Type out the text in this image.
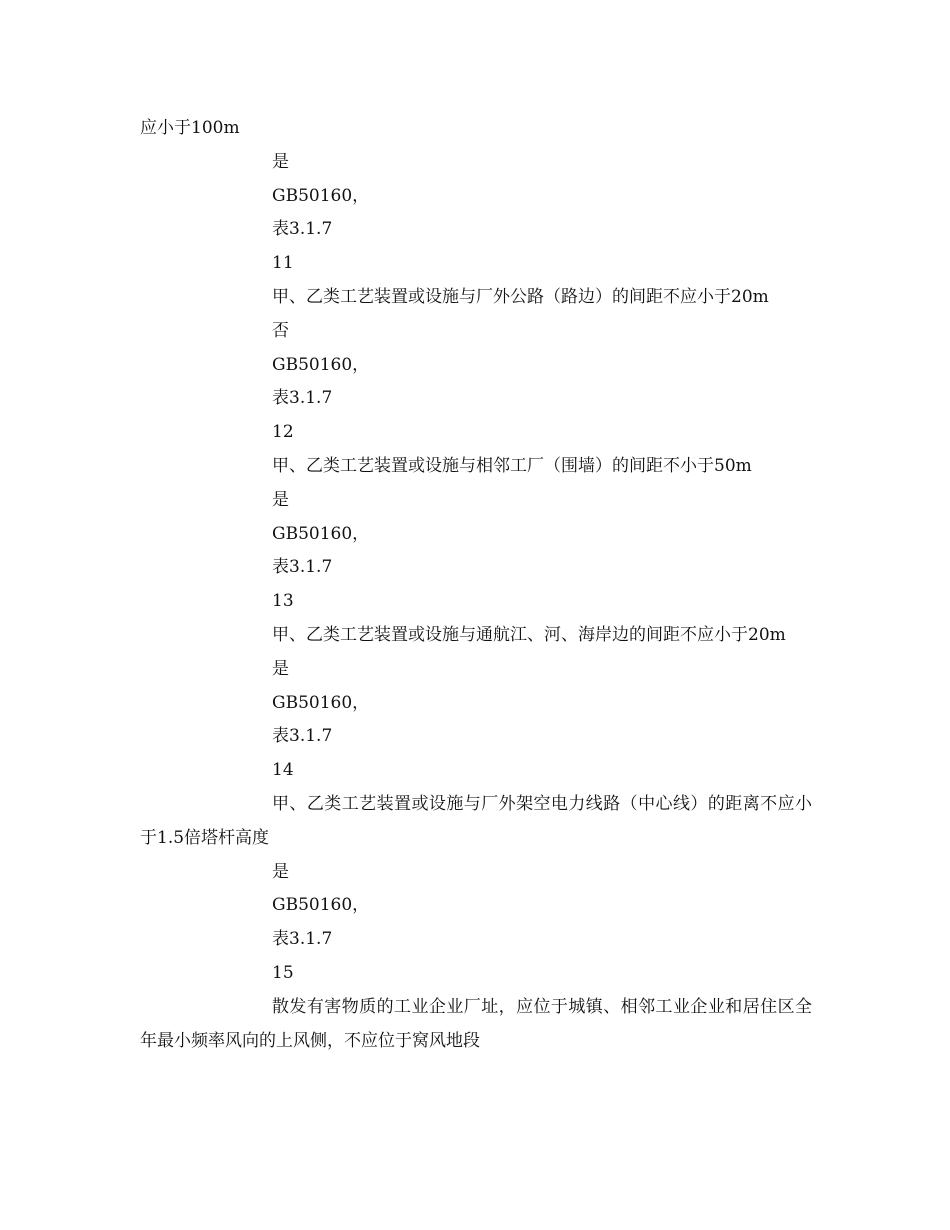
应小于100m
是
GB50160，
表3.1.7
11
甲、乙类工艺装置或设施与厂外公路（路边）的间距不应小于20m
否
GB50160，
表3.1.7
12
甲、乙类工艺装置或设施与相邻工厂（围墙）的间距不小于50m
是
GB50160，
表3.1.7
13
甲、乙类工艺装置或设施与通航江、河、海岸边的间距不应小于20m
是
GB50160，
表3.1.7
14
甲、乙类工艺装置或设施与厂外架空电力线路（中心线）的距离不应小于1.5倍塔杆高度
是
GB50160，
表3.1.7
15
散发有害物质的工业企业厂址，应位于城镇、相邻工业企业和居住区全年最小频率风向的上风侧，不应位于窝风地段
